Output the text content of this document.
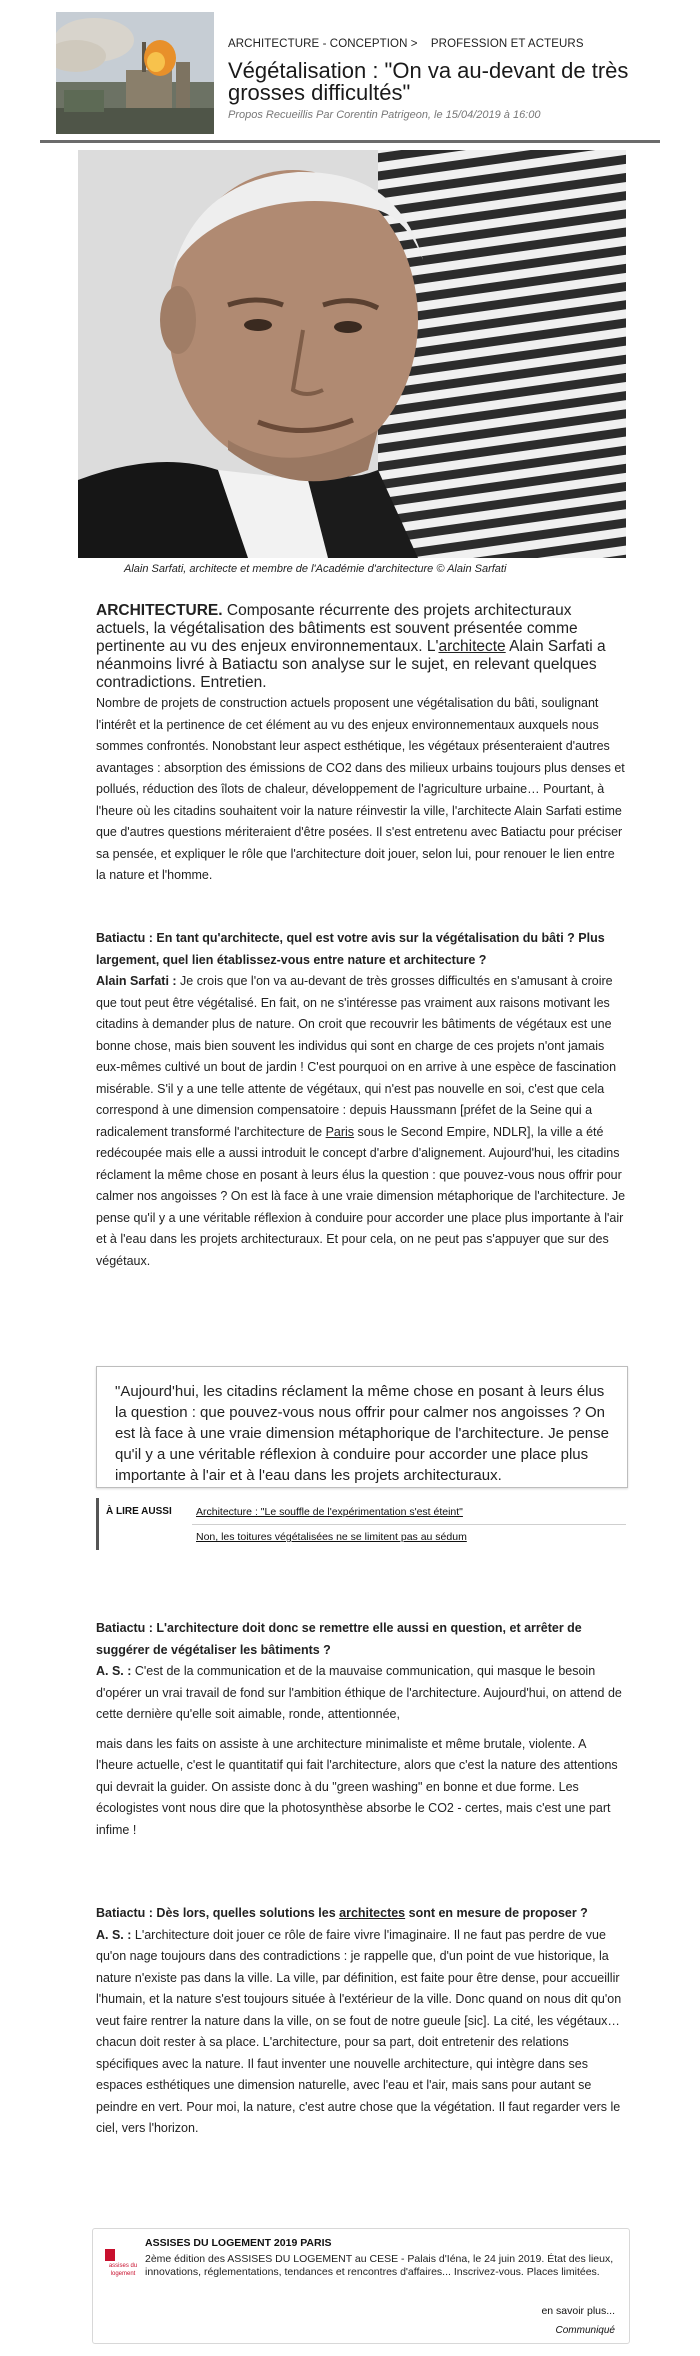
ARCHITECTURE - CONCEPTION > PROFESSION ET ACTEURS
Végétalisation : "On va au-devant de très grosses difficultés"
Propos Recueillis Par Corentin Patrigeon, le 15/04/2019 à 16:00
Alain Sarfati, architecte et membre de l'Académie d'architecture © Alain Sarfati
ARCHITECTURE. Composante récurrente des projets architecturaux actuels, la végétalisation des bâtiments est souvent présentée comme pertinente au vu des enjeux environnementaux. L'architecte Alain Sarfati a néanmoins livré à Batiactu son analyse sur le sujet, en relevant quelques contradictions. Entretien.

Nombre de projets de construction actuels proposent une végétalisation du bâti, soulignant l'intérêt et la pertinence de cet élément au vu des enjeux environnementaux auxquels nous sommes confrontés. Nonobstant leur aspect esthétique, les végétaux présenteraient d'autres avantages : absorption des émissions de CO2 dans des milieux urbains toujours plus denses et pollués, réduction des îlots de chaleur, développement de l'agriculture urbaine… Pourtant, à l'heure où les citadins souhaitent voir la nature réinvestir la ville, l'architecte Alain Sarfati estime que d'autres questions mériteraient d'être posées. Il s'est entretenu avec Batiactu pour préciser sa pensée, et expliquer le rôle que l'architecture doit jouer, selon lui, pour renouer le lien entre la nature et l'homme.

Batiactu : En tant qu'architecte, quel est votre avis sur la végétalisation du bâti ? Plus largement, quel lien établissez-vous entre nature et architecture ?

Alain Sarfati : Je crois que l'on va au-devant de très grosses difficultés en s'amusant à croire que tout peut être végétalisé. En fait, on ne s'intéresse pas vraiment aux raisons motivant les citadins à demander plus de nature. On croit que recouvrir les bâtiments de végétaux est une bonne chose, mais bien souvent les individus qui sont en charge de ces projets n'ont jamais eux-mêmes cultivé un bout de jardin ! C'est pourquoi on en arrive à une espèce de fascination misérable. S'il y a une telle attente de végétaux, qui n'est pas nouvelle en soi, c'est que cela correspond à une dimension compensatoire : depuis Haussmann [préfet de la Seine qui a radicalement transformé l'architecture de Paris sous le Second Empire, NDLR], la ville a été redécoupée mais elle a aussi introduit le concept d'arbre d'alignement. Aujourd'hui, les citadins réclament la même chose en posant à leurs élus la question : que pouvez-vous nous offrir pour calmer nos angoisses ? On est là face à une vraie dimension métaphorique de l'architecture. Je pense qu'il y a une véritable réflexion à conduire pour accorder une place plus importante à l'air et à l'eau dans les projets architecturaux. Et pour cela, on ne peut pas s'appuyer que sur des végétaux.

"Aujourd'hui, les citadins réclament la même chose en posant à leurs élus la question : que pouvez-vous nous offrir pour calmer nos angoisses ? On est là face à une vraie dimension métaphorique de l'architecture. Je pense qu'il y a une véritable réflexion à conduire pour accorder une place plus importante à l'air et à l'eau dans les projets architecturaux.

À LIRE AUSSI Architecture : "Le souffle de l'expérimentation s'est éteint"
Non, les toitures végétalisées ne se limitent pas au sédum

Batiactu : L'architecture doit donc se remettre elle aussi en question, et arrêter de suggérer de végétaliser les bâtiments ?

A. S. : C'est de la communication et de la mauvaise communication, qui masque le besoin d'opérer un vrai travail de fond sur l'ambition éthique de l'architecture. Aujourd'hui, on attend de cette dernière qu'elle soit aimable, ronde, attentionnée,

mais dans les faits on assiste à une architecture minimaliste et même brutale, violente. A l'heure actuelle, c'est le quantitatif qui fait l'architecture, alors que c'est la nature des attentions qui devrait la guider. On assiste donc à du "green washing" en bonne et due forme. Les écologistes vont nous dire que la photosynthèse absorbe le CO2 - certes, mais c'est une part infime !

Batiactu : Dès lors, quelles solutions les architectes sont en mesure de proposer ?

A. S. : L'architecture doit jouer ce rôle de faire vivre l'imaginaire. Il ne faut pas perdre de vue qu'on nage toujours dans des contradictions : je rappelle que, d'un point de vue historique, la nature n'existe pas dans la ville. La ville, par définition, est faite pour être dense, pour accueillir l'humain, et la nature s'est toujours située à l'extérieur de la ville. Donc quand on nous dit qu'on veut faire rentrer la nature dans la ville, on se fout de notre gueule [sic]. La cité, les végétaux… chacun doit rester à sa place. L'architecture, pour sa part, doit entretenir des relations spécifiques avec la nature. Il faut inventer une nouvelle architecture, qui intègre dans ses espaces esthétiques une dimension naturelle, avec l'eau et l'air, mais sans pour autant se peindre en vert. Pour moi, la nature, c'est autre chose que la végétation. Il faut regarder vers le ciel, vers l'horizon.

assises du
logement
ASSISES DU LOGEMENT 2019 PARIS
2ème édition des ASSISES DU LOGEMENT au CESE - Palais d'Iéna, le 24 juin 2019. État des lieux, innovations, réglementations, tendances et rencontres d'affaires... Inscrivez-vous. Places limitées.
en savoir plus...
Communiqué
